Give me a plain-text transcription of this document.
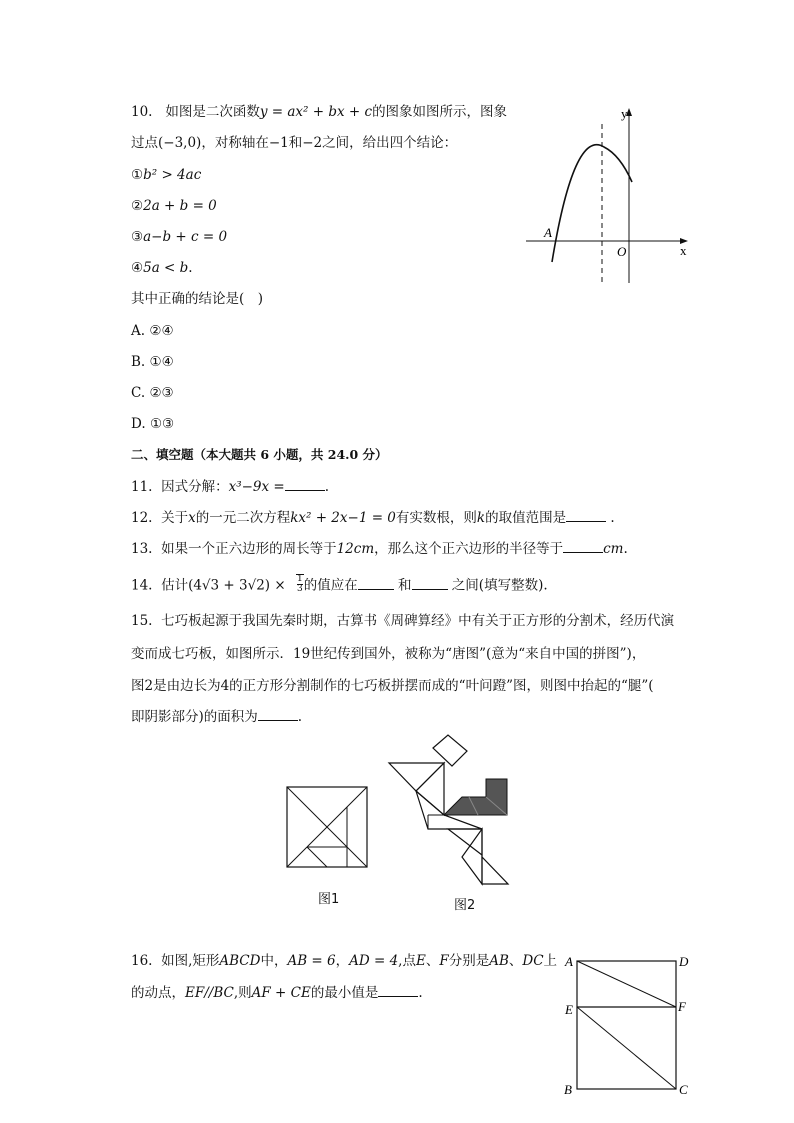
10. 如图是二次函数y = ax² + bx + c的图象如图所示，图象
过点(−3,0)，对称轴在−1和−2之间，给出四个结论：
①b² > 4ac
②2a + b = 0
③a−b + c = 0
④5a < b.
其中正确的结论是(　)
A. ②④
B. ①④
C. ②③
D. ①③
y
x
O
A
二、填空题（本大题共 6 小题，共 24.0 分）
11. 因式分解：x³−9x =	.
12. 关于x的一元二次方程kx² + 2x−1 = 0有实数根，则k的取值范围是	.
13. 如果一个正六边形的周长等于12cm，那么这个正六边形的半径等于	cm.
14. 估计$(4√3 + 3√2) \times \frac{1}{3}$ 的值应在	和	之间(填写整数).
15. 七巧板起源于我国先秦时期，古算书《周碑算经》中有关于正方形的分割术，经历代演
变而成七巧板，如图所示．19世纪传到国外，被称为“唐图”(意为“来自中国的拼图”)，
图2是由边长为4的正方形分割制作的七巧板拼摆而成的“叶问蹬”图，则图中抬起的“腿”(
即阴影部分)的面积为	.
图1	图2
16. 如图,矩形ABCD中，AB = 6，AD = 4,点E、F分别是AB、DC上
的动点，EF//BC,则AF + CE的最小值是	.
A	D
E	F
B	C
